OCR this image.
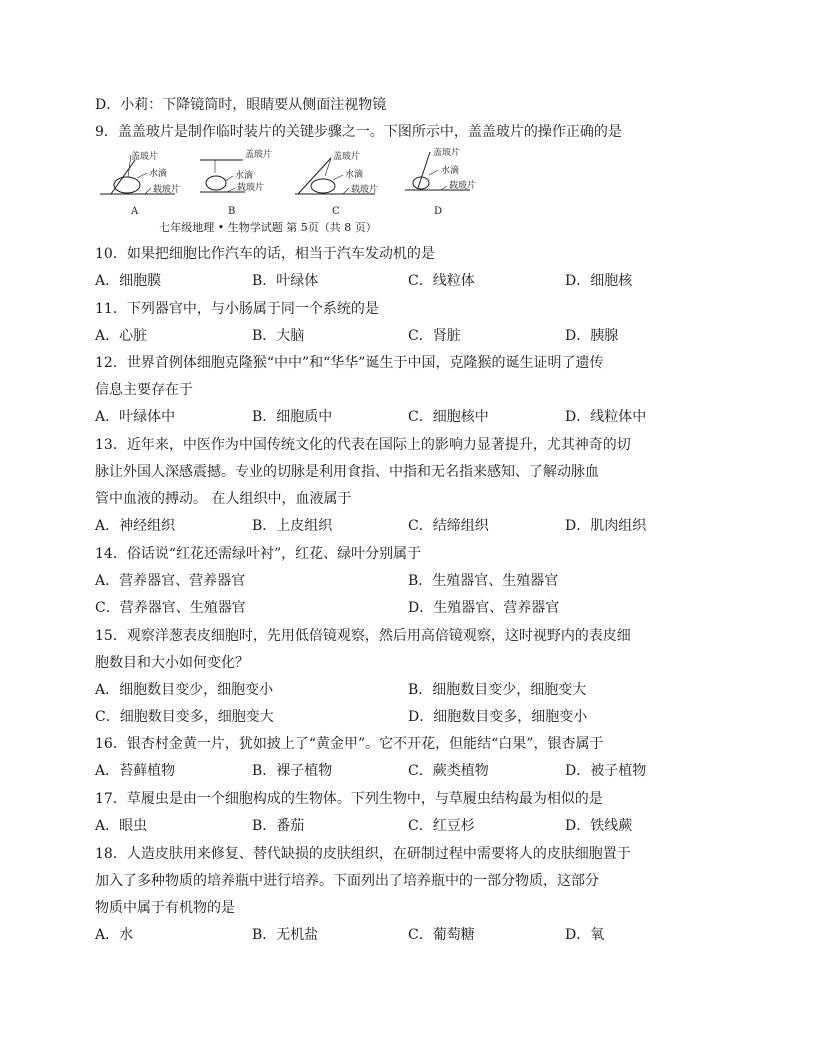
D．小莉：下降镜筒时，眼睛要从侧面注视物镜
9．盖盖玻片是制作临时装片的关键步骤之一。下图所示中，盖盖玻片的操作正确的是
盖玻片
水滴
载玻片
A
盖玻片
水滴
载玻片
B
盖玻片
水滴
载玻片
C
盖玻片
水滴
载玻片
D
七年级地理 • 生物学试题 第 5页（共 8 页）
10．如果把细胞比作汽车的话，相当于汽车发动机的是
A．细胞膜	B．叶绿体	C．线粒体	D．细胞核
11．下列器官中，与小肠属于同一个系统的是
A．心脏	B．大脑	C．肾脏	D．胰腺
12．世界首例体细胞克隆猴“中中”和“华华”诞生于中国，克隆猴的诞生证明了遗传
信息主要存在于
A．叶绿体中	B．细胞质中	C．细胞核中	D．线粒体中
13．近年来，中医作为中国传统文化的代表在国际上的影响力显著提升，尤其神奇的切
脉让外国人深感震撼。专业的切脉是利用食指、中指和无名指来感知、了解动脉血
管中血液的搏动。 在人组织中，血液属于
A．神经组织	B．上皮组织	C．结缔组织	D．肌肉组织
14．俗话说“红花还需绿叶衬”，红花、绿叶分别属于
A．营养器官、营养器官	B．生殖器官、生殖器官
C．营养器官、生殖器官	D．生殖器官、营养器官
15．观察洋葱表皮细胞时，先用低倍镜观察，然后用高倍镜观察，这时视野内的表皮细
胞数目和大小如何变化？
A．细胞数目变少，细胞变小	B．细胞数目变少，细胞变大
C．细胞数目变多，细胞变大	D．细胞数目变多，细胞变小
16．银杏村金黄一片，犹如披上了“黄金甲”。它不开花，但能结“白果”，银杏属于
A．苔藓植物	B．裸子植物	C．蕨类植物	D．被子植物
17．草履虫是由一个细胞构成的生物体。下列生物中，与草履虫结构最为相似的是
A．眼虫	B．番茄	C．红豆杉	D．铁线蕨
18．人造皮肤用来修复、替代缺损的皮肤组织，在研制过程中需要将人的皮肤细胞置于
加入了多种物质的培养瓶中进行培养。下面列出了培养瓶中的一部分物质，这部分
物质中属于有机物的是
A．水	B．无机盐	C．葡萄糖	D．氧
